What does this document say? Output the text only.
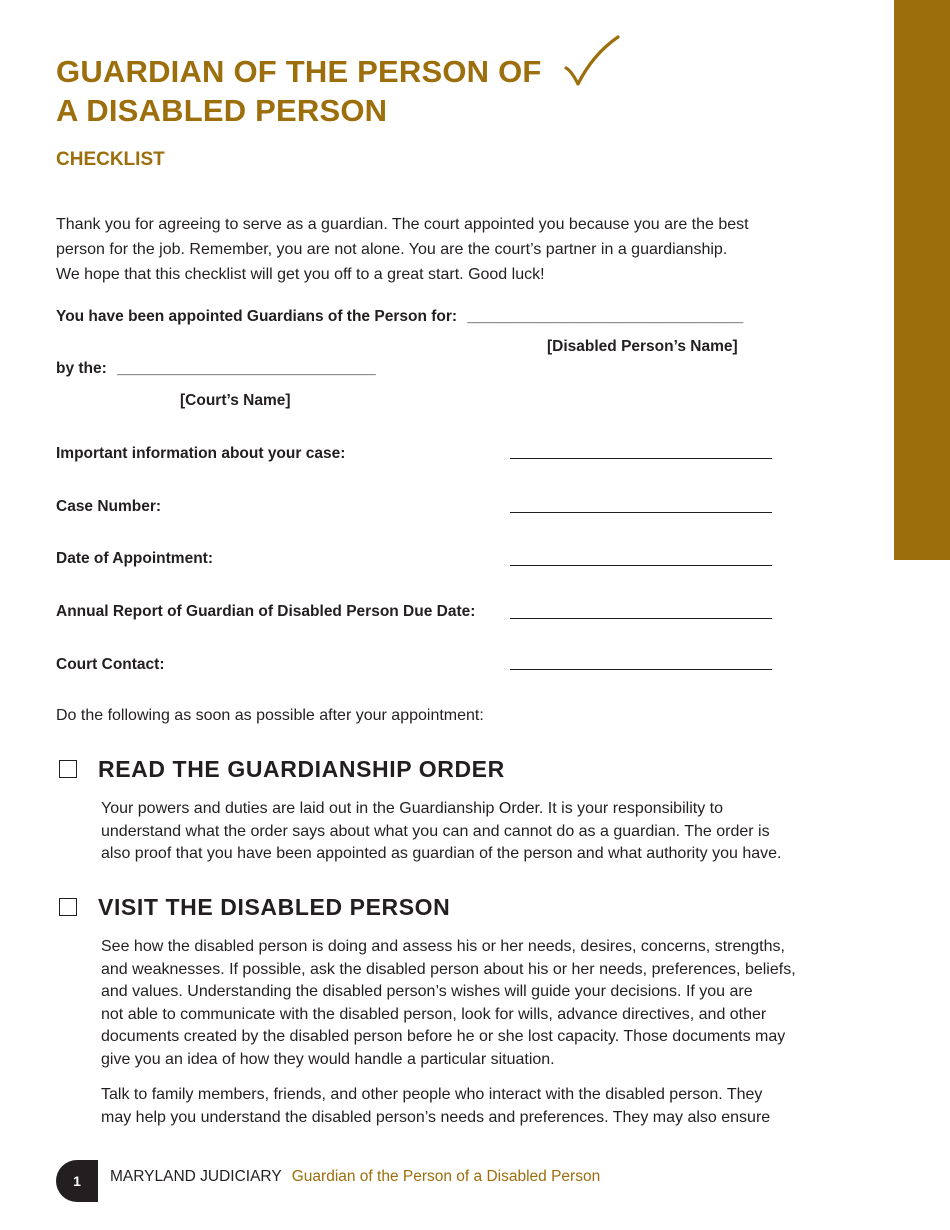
GUARDIAN OF THE PERSON OF
A DISABLED PERSON
CHECKLIST
Thank you for agreeing to serve as a guardian. The court appointed you because you are the best
person for the job. Remember, you are not alone. You are the court’s partner in a guardianship.
We hope that this checklist will get you off to a great start. Good luck!
You have been appointed Guardians of the Person for: ________________________________
[Disabled Person’s Name]
by the: ______________________________
[Court’s Name]
Important information about your case:
Case Number:
Date of Appointment:
Annual Report of Guardian of Disabled Person Due Date:
Court Contact:
Do the following as soon as possible after your appointment:
READ THE GUARDIANSHIP ORDER
Your powers and duties are laid out in the Guardianship Order. It is your responsibility to
understand what the order says about what you can and cannot do as a guardian. The order is
also proof that you have been appointed as guardian of the person and what authority you have.
VISIT THE DISABLED PERSON
See how the disabled person is doing and assess his or her needs, desires, concerns, strengths,
and weaknesses. If possible, ask the disabled person about his or her needs, preferences, beliefs,
and values. Understanding the disabled person’s wishes will guide your decisions. If you are
not able to communicate with the disabled person, look for wills, advance directives, and other
documents created by the disabled person before he or she lost capacity. Those documents may
give you an idea of how they would handle a particular situation.
Talk to family members, friends, and other people who interact with the disabled person. They
may help you understand the disabled person’s needs and preferences. They may also ensure
1	MARYLAND JUDICIARY Guardian of the Person of a Disabled Person
